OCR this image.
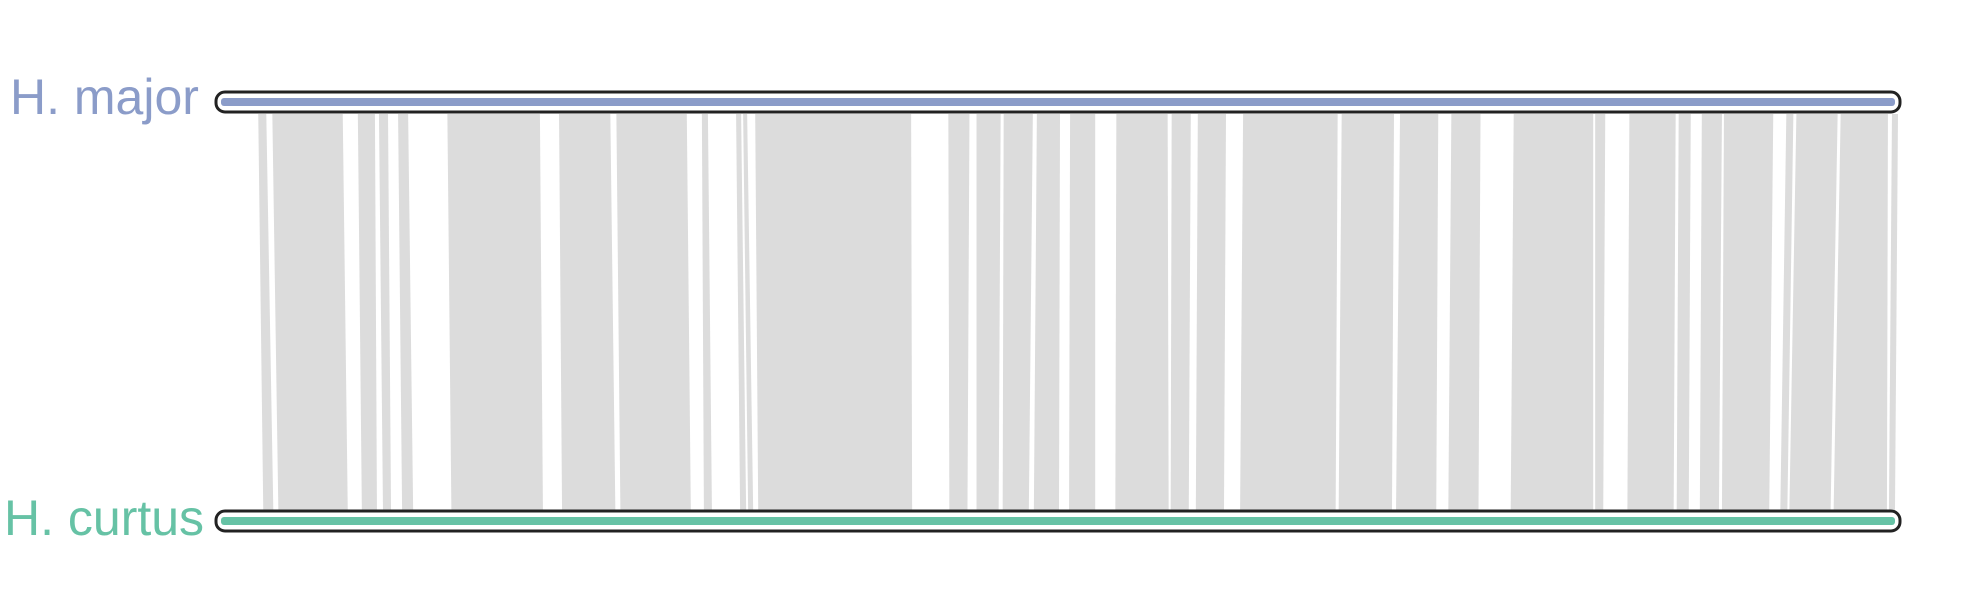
H. major
H. curtus
